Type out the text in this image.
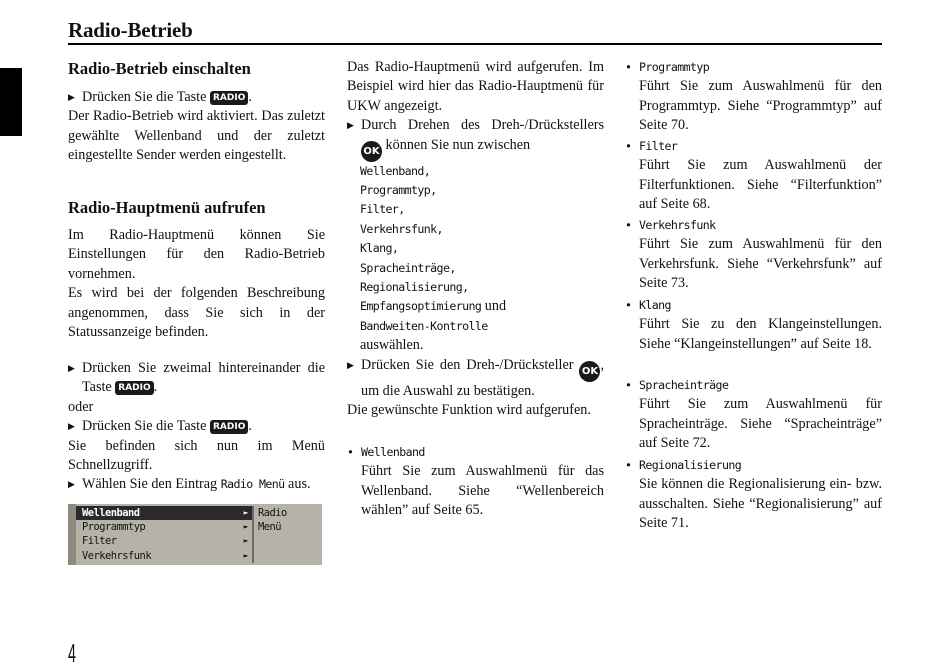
Radio-Betrieb
Radio-Betrieb einschalten

▶ Drücken Sie die Taste RADIO .

Der Radio-Betrieb wird aktiviert. Das zuletzt gewählte Wellenband und der zuletzt eingestellte Sender werden eingestellt.

Radio-Hauptmenü aufrufen

Im Radio-Hauptmenü können Sie Einstellungen für den Radio-Betrieb vornehmen.

Es wird bei der folgenden Beschreibung angenommen, dass Sie sich in der Statussanzeige befinden.

▶ Drücken Sie zweimal hintereinander die Taste RADIO .

oder

▶ Drücken Sie die Taste RADIO .

Sie befinden sich nun im Menü Schnellzugriff.

▶ Wählen Sie den Eintrag Radio Menü aus.

Wellenband	►
Programmtyp	►
Filter	►
Verkehrsfunk	►
Radio
Menü

Das Radio-Hauptmenü wird aufgerufen. Im Beispiel wird hier das Radio-Hauptmenü für UKW angezeigt.

▶ Durch Drehen des Dreh-/Drückstellers OK können Sie nun zwischen

Wellenband,
Programmtyp,
Filter,
Verkehrsfunk,
Klang,
Spracheinträge,
Regionalisierung,
Empfangsoptimierung und
Bandweiten-Kontrolle
auswählen.

▶ Drücken Sie den Dreh-/Drücksteller OK , um die Auswahl zu bestätigen.

Die gewünschte Funktion wird aufgerufen.

• Wellenband
Führt Sie zum Auswahlmenü für das Wellenband. Siehe “Wellenbereich wählen” auf Seite 65.
• Programmtyp
Führt Sie zum Auswahlmenü für den Programmtyp. Siehe “Programmtyp” auf Seite 70.
• Filter
Führt Sie zum Auswahlmenü der Filterfunktionen. Siehe “Filterfunktion” auf Seite 68.
• Verkehrsfunk
Führt Sie zum Auswahlmenü für den Verkehrsfunk. Siehe “Verkehrsfunk” auf Seite 73.
• Klang
Führt Sie zu den Klangeinstellungen. Siehe “Klangeinstellungen” auf Seite 18.
• Spracheinträge
Führt Sie zum Auswahlmenü für Spracheinträge. Siehe “Spracheinträge” auf Seite 72.
• Regionalisierung
Sie können die Regionalisierung ein- bzw. ausschalten. Siehe “Regionalisierung” auf Seite 71.
4
